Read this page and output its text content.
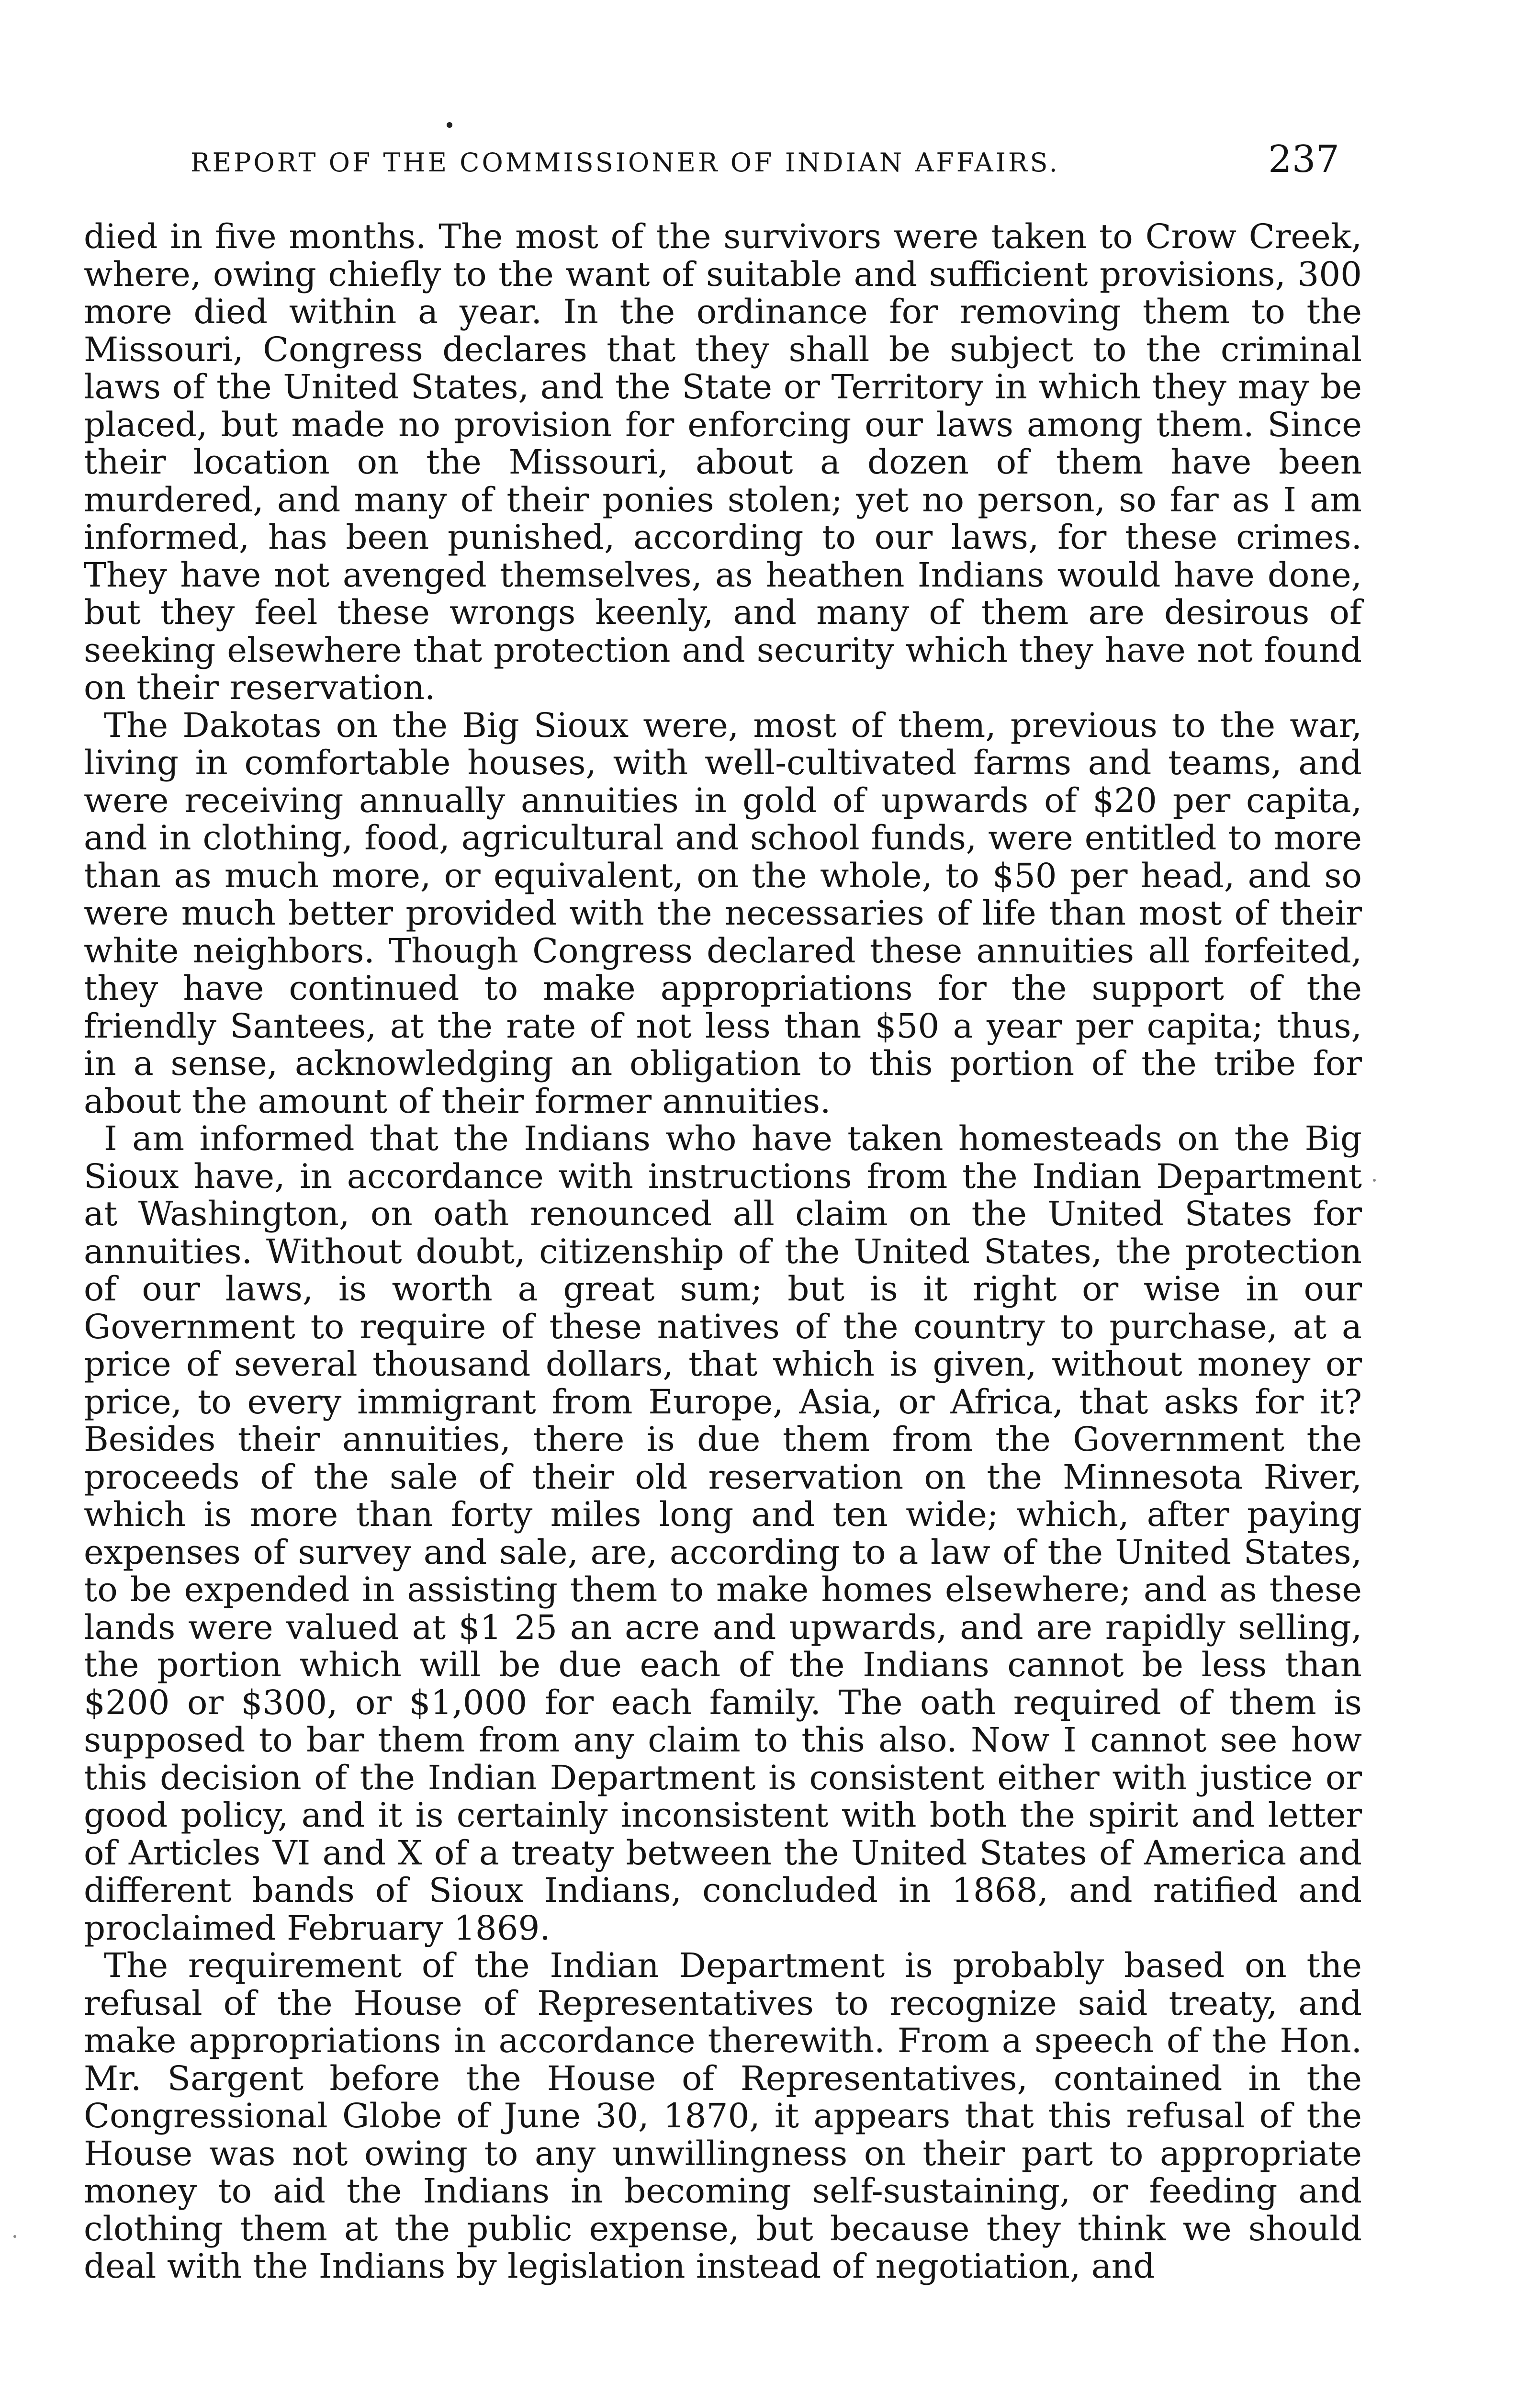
REPORT OF THE COMMISSIONER OF INDIAN AFFAIRS.	237

died in five months. The most of the survivors were taken to Crow Creek, where, owing chiefly to the want of suitable and sufficient provisions, 300 more died within a year. In the ordinance for removing them to the Missouri, Congress declares that they shall be subject to the criminal laws of the United States, and the State or Territory in which they may be placed, but made no provision for enforcing our laws among them. Since their location on the Missouri, about a dozen of them have been murdered, and many of their ponies stolen; yet no person, so far as I am informed, has been punished, according to our laws, for these crimes. They have not avenged themselves, as heathen Indians would have done, but they feel these wrongs keenly, and many of them are desirous of seeking elsewhere that protection and security which they have not found on their reservation.

The Dakotas on the Big Sioux were, most of them, previous to the war, living in comfortable houses, with well-cultivated farms and teams, and were receiving annually annuities in gold of upwards of $20 per capita, and in clothing, food, agricultural and school funds, were entitled to more than as much more, or equivalent, on the whole, to $50 per head, and so were much better provided with the necessaries of life than most of their white neighbors. Though Congress declared these annuities all forfeited, they have continued to make appropriations for the support of the friendly Santees, at the rate of not less than $50 a year per capita; thus, in a sense, acknowledging an obligation to this portion of the tribe for about the amount of their former annuities.

I am informed that the Indians who have taken homesteads on the Big Sioux have, in accordance with instructions from the Indian Department at Washington, on oath renounced all claim on the United States for annuities. Without doubt, citizenship of the United States, the protection of our laws, is worth a great sum; but is it right or wise in our Government to require of these natives of the country to purchase, at a price of several thousand dollars, that which is given, without money or price, to every immigrant from Europe, Asia, or Africa, that asks for it? Besides their annuities, there is due them from the Government the proceeds of the sale of their old reservation on the Minnesota River, which is more than forty miles long and ten wide; which, after paying expenses of survey and sale, are, according to a law of the United States, to be expended in assisting them to make homes elsewhere; and as these lands were valued at $1 25 an acre and upwards, and are rapidly selling, the portion which will be due each of the Indians cannot be less than $200 or $300, or $1,000 for each family. The oath required of them is supposed to bar them from any claim to this also. Now I cannot see how this decision of the Indian Department is consistent either with justice or good policy, and it is certainly inconsistent with both the spirit and letter of Articles VI and X of a treaty between the United States of America and different bands of Sioux Indians, concluded in 1868, and ratified and proclaimed February 1869.

The requirement of the Indian Department is probably based on the refusal of the House of Representatives to recognize said treaty, and make appropriations in accordance therewith. From a speech of the Hon. Mr. Sargent before the House of Representatives, contained in the Congressional Globe of June 30, 1870, it appears that this refusal of the House was not owing to any unwillingness on their part to appropriate money to aid the Indians in becoming self-sustaining, or feeding and clothing them at the public expense, but because they think we should deal with the Indians by legislation instead of negotiation, and
